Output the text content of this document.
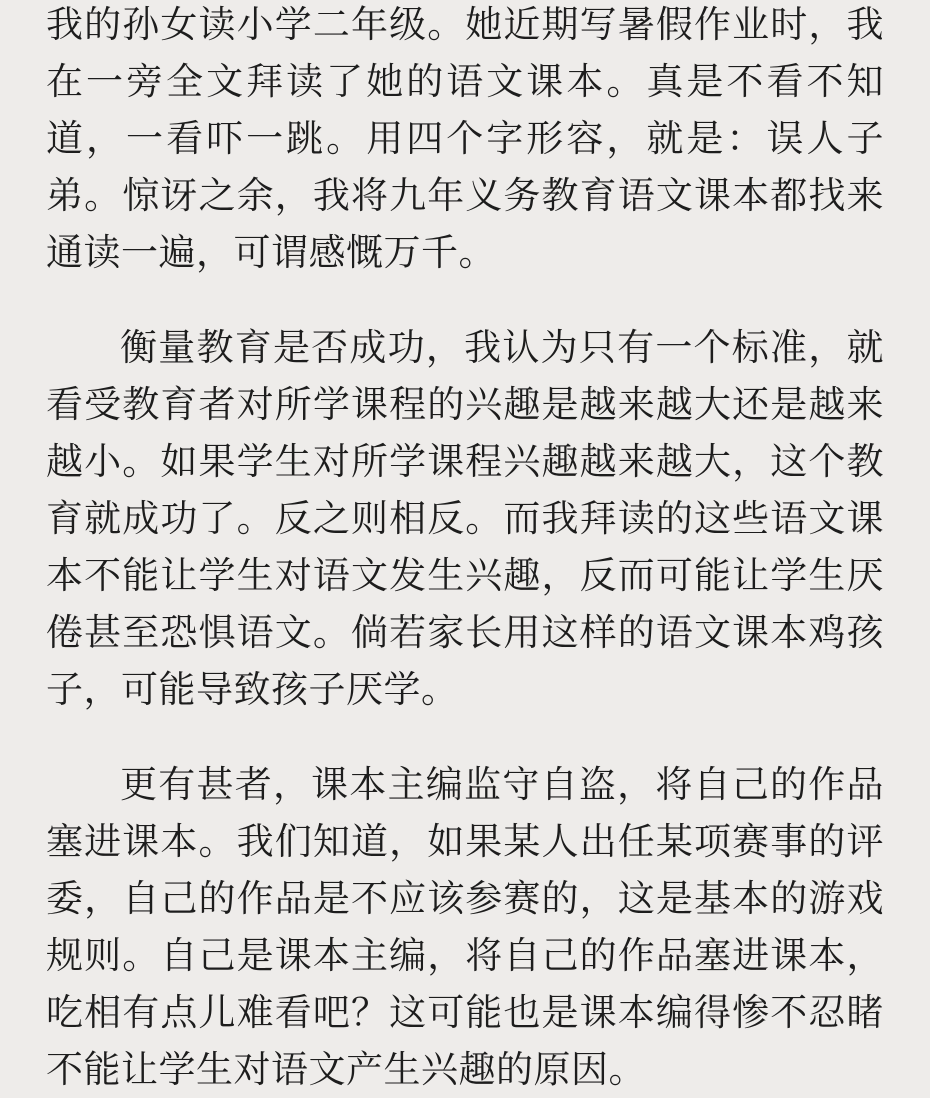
我的孙女读小学二年级。她近期写暑假作业时，我在一旁全文拜读了她的语文课本。真是不看不知道，一看吓一跳。用四个字形容，就是：误人子弟。惊讶之余，我将九年义务教育语文课本都找来通读一遍，可谓感慨万千。

衡量教育是否成功，我认为只有一个标准，就看受教育者对所学课程的兴趣是越来越大还是越来越小。如果学生对所学课程兴趣越来越大，这个教育就成功了。反之则相反。而我拜读的这些语文课本不能让学生对语文发生兴趣，反而可能让学生厌倦甚至恐惧语文。倘若家长用这样的语文课本鸡孩子，可能导致孩子厌学。

更有甚者，课本主编监守自盗，将自己的作品塞进课本。我们知道，如果某人出任某项赛事的评委，自己的作品是不应该参赛的，这是基本的游戏规则。自己是课本主编，将自己的作品塞进课本，吃相有点儿难看吧？这可能也是课本编得惨不忍睹不能让学生对语文产生兴趣的原因。
